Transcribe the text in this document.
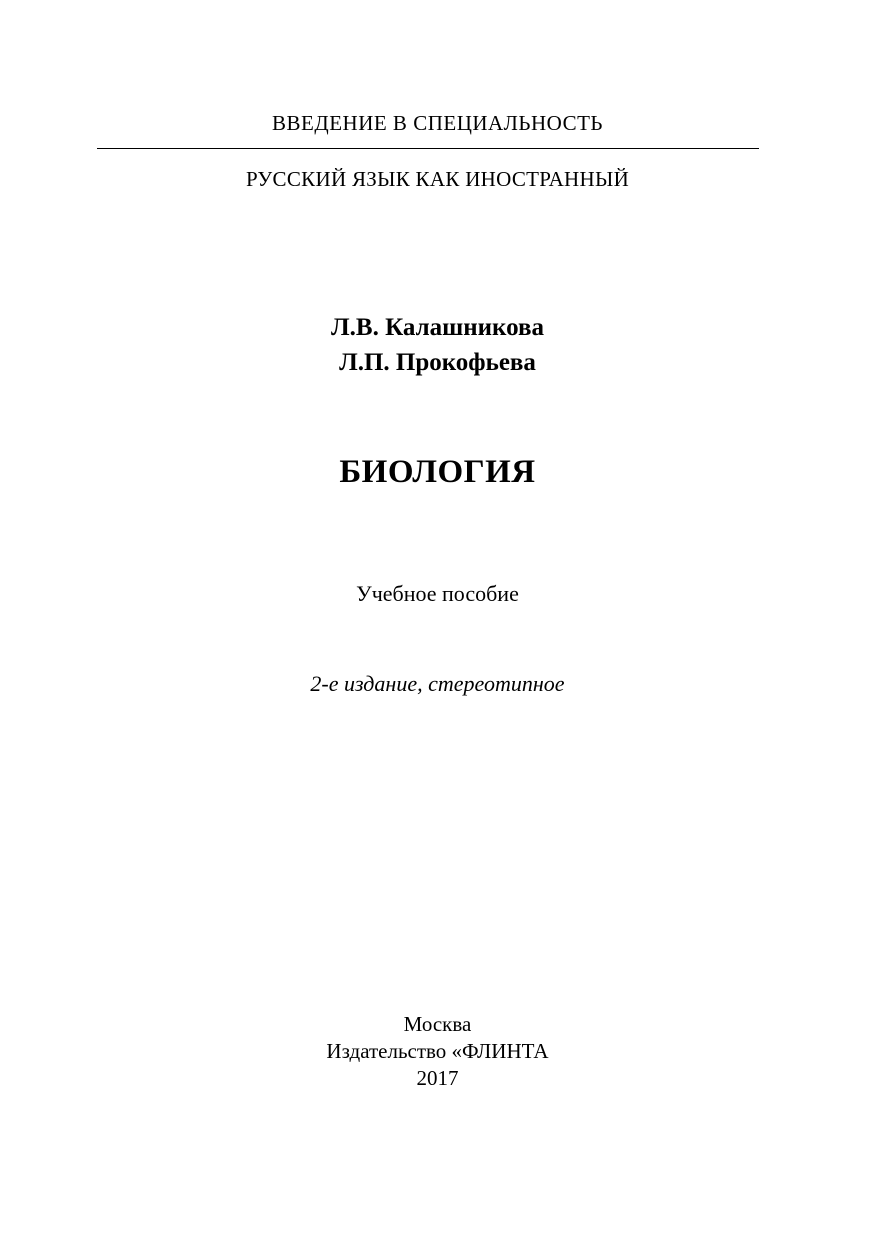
ВВЕДЕНИЕ В СПЕЦИАЛЬНОСТЬ
РУССКИЙ ЯЗЫК КАК ИНОСТРАННЫЙ
Л.В. Калашникова
Л.П. Прокофьева
БИОЛОГИЯ
Учебное пособие
2-е издание, стереотипное
Москва
Издательство «ФЛИНТА
2017
